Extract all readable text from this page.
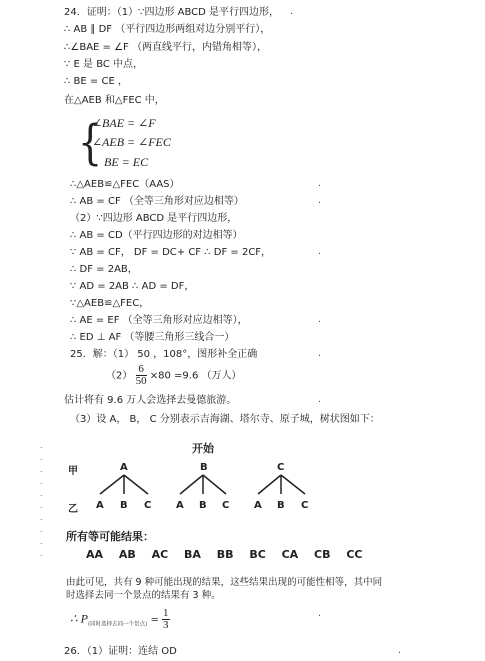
24．证明：（1）∵四边形 ABCD 是平行四边形，
∴ AB ∥ DF （平行四边形两组对边分别平行），
∴∠BAE = ∠F （两直线平行，内错角相等），
∵ E 是 BC 中点，
∴ BE = CE ，
在△AEB 和△FEC 中，
{
∠BAE = ∠F
∠AEB = ∠FEC
BE = EC
∴△AEB≌△FEC（AAS）
∴ AB = CF （全等三角形对应边相等）
（2）∵四边形 ABCD 是平行四边形，
∴ AB = CD（平行四边形的对边相等）
∵ AB = CF， DF = DC+ CF ∴ DF = 2CF，
∴ DF = 2AB，
∵ AD = 2AB ∴ AD = DF，
∵△AEB≌△FEC，
∴ AE = EF （全等三角形对应边相等），
∴ ED ⊥ AF （等腰三角形三线合一）
25．解：（1） 50 ，108°，图形补全正确
$(2) \frac{6}{50} \times 80 =9.6$ （万人）
估计将有 9.6 万人会选择去曼德旅游。
（3）设 A， B， C 分别表示吉海湖、塔尔寺、原子城，树状图如下：
开始
甲
乙
A	B	C
A B C A B C A B C
所有等可能结果：
AA AB AC BA BB BC CA CB CC
由此可见，共有 9 种可能出现的结果，这些结果出现的可能性相等，其中同
时选择去同一个景点的结果有 3 种。
∴ $P_{(同时选择去同一个景点)} = \frac{1}{3}$
26．（1）证明：连结 OD
.
.
.
.
.
.
.
.
.
.
.
.
.
.
.
.
.
.
.
